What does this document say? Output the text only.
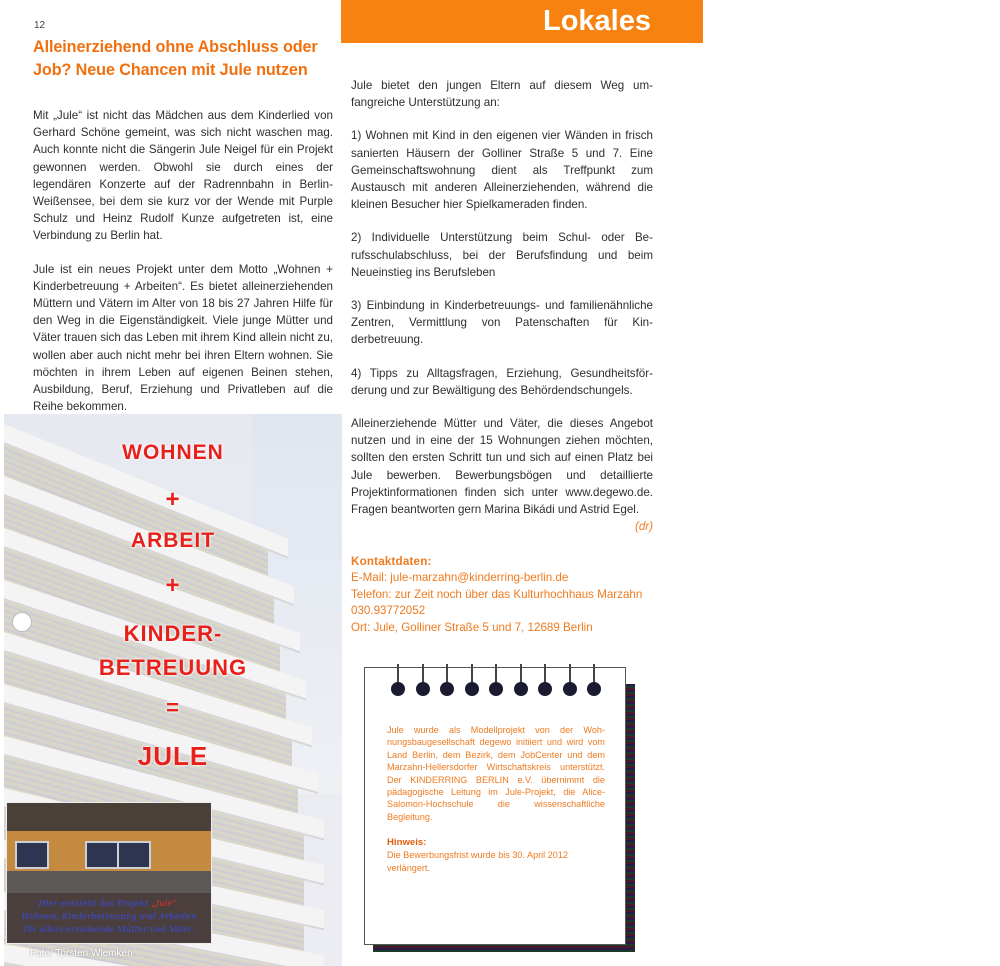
12
Alleinerziehend ohne Abschluss oder Job? Neue Chancen mit Jule nutzen
Lokales

Mit „Jule“ ist nicht das Mädchen aus dem Kinderlied von Gerhard Schöne gemeint, was sich nicht waschen mag. Auch konnte nicht die Sängerin Jule Neigel für ein Projekt gewonnen werden. Obwohl sie durch eines der legendären Konzerte auf der Radrennbahn in Berlin-Weißensee, bei dem sie kurz vor der Wende mit Purple Schulz und Heinz Rudolf Kunze aufgetreten ist, eine Verbindung zu Berlin hat.

Jule ist ein neues Projekt unter dem Motto „Wohnen + Kinderbetreuung + Arbeiten“. Es bietet alleinerziehenden Müttern und Vätern im Alter von 18 bis 27 Jahren Hilfe für den Weg in die Eigenständigkeit. Viele junge Mütter und Väter trauen sich das Leben mit ihrem Kind allein nicht zu, wollen aber auch nicht mehr bei ihren Eltern wohnen. Sie möchten in ihrem Leben auf eigenen Beinen stehen, Ausbildung, Beruf, Erziehung und Privatleben auf die Reihe bekommen.

Jule bietet den jungen Eltern auf diesem Weg umfangreiche Unterstützung an:

1) Wohnen mit Kind in den eigenen vier Wänden in frisch sanierten Häusern der Golliner Straße 5 und 7. Eine Gemeinschaftswohnung dient als Treffpunkt zum Austausch mit anderen Alleinerziehenden, während die kleinen Besucher hier Spielkameraden finden.

2) Individuelle Unterstützung beim Schul- oder Berufsschulabschluss, bei der Berufsfindung und beim Neueinstieg ins Berufsleben

3) Einbindung in Kinderbetreuungs- und familienähnliche Zentren, Vermittlung von Patenschaften für Kinderbetreuung.

4) Tipps zu Alltagsfragen, Erziehung, Gesundheitsförderung und zur Bewältigung des Behördendschungels.

Alleinerziehende Mütter und Väter, die dieses Angebot nutzen und in eine der 15 Wohnungen ziehen möchten, sollten den ersten Schritt tun und sich auf einen Platz bei Jule bewerben. Bewerbungsbögen und detaillierte Projektinformationen finden sich unter www.degewo.de. Fragen beantworten gern Marina Bikádi und Astrid Egel.
(dr)

Kontaktdaten:
E-Mail: jule-marzahn@kinderring-berlin.de
Telefon: zur Zeit noch über das Kulturhochhaus Marzahn 030.93772052
Ort: Jule, Golliner Straße 5 und 7, 12689 Berlin
WOHNEN
+
ARBEIT
+
KINDER-
BETREUUNG
=
JULE
Hier entsteht das Projekt „Jule“.
Wohnen, Kinderbetreuung und Arbeiten
für allein erziehende Mütter und Väter.
Foto: Torsten Wiemken
Jule wurde als Modellprojekt von der Wohnungsbaugesellschaft degewo initiiert und wird vom Land Berlin, dem Bezirk, dem JobCenter und dem Marzahn-Hellersdorfer Wirtschaftskreis unterstützt. Der KINDERRING BERLIN e.V. übernimmt die pädagogische Leitung im Jule-Projekt, die Alice-Salomon-Hochschule die wissenschaftliche Begleitung.
Hinweis:
Die Bewerbungsfrist wurde bis 30. April 2012 verlängert.
